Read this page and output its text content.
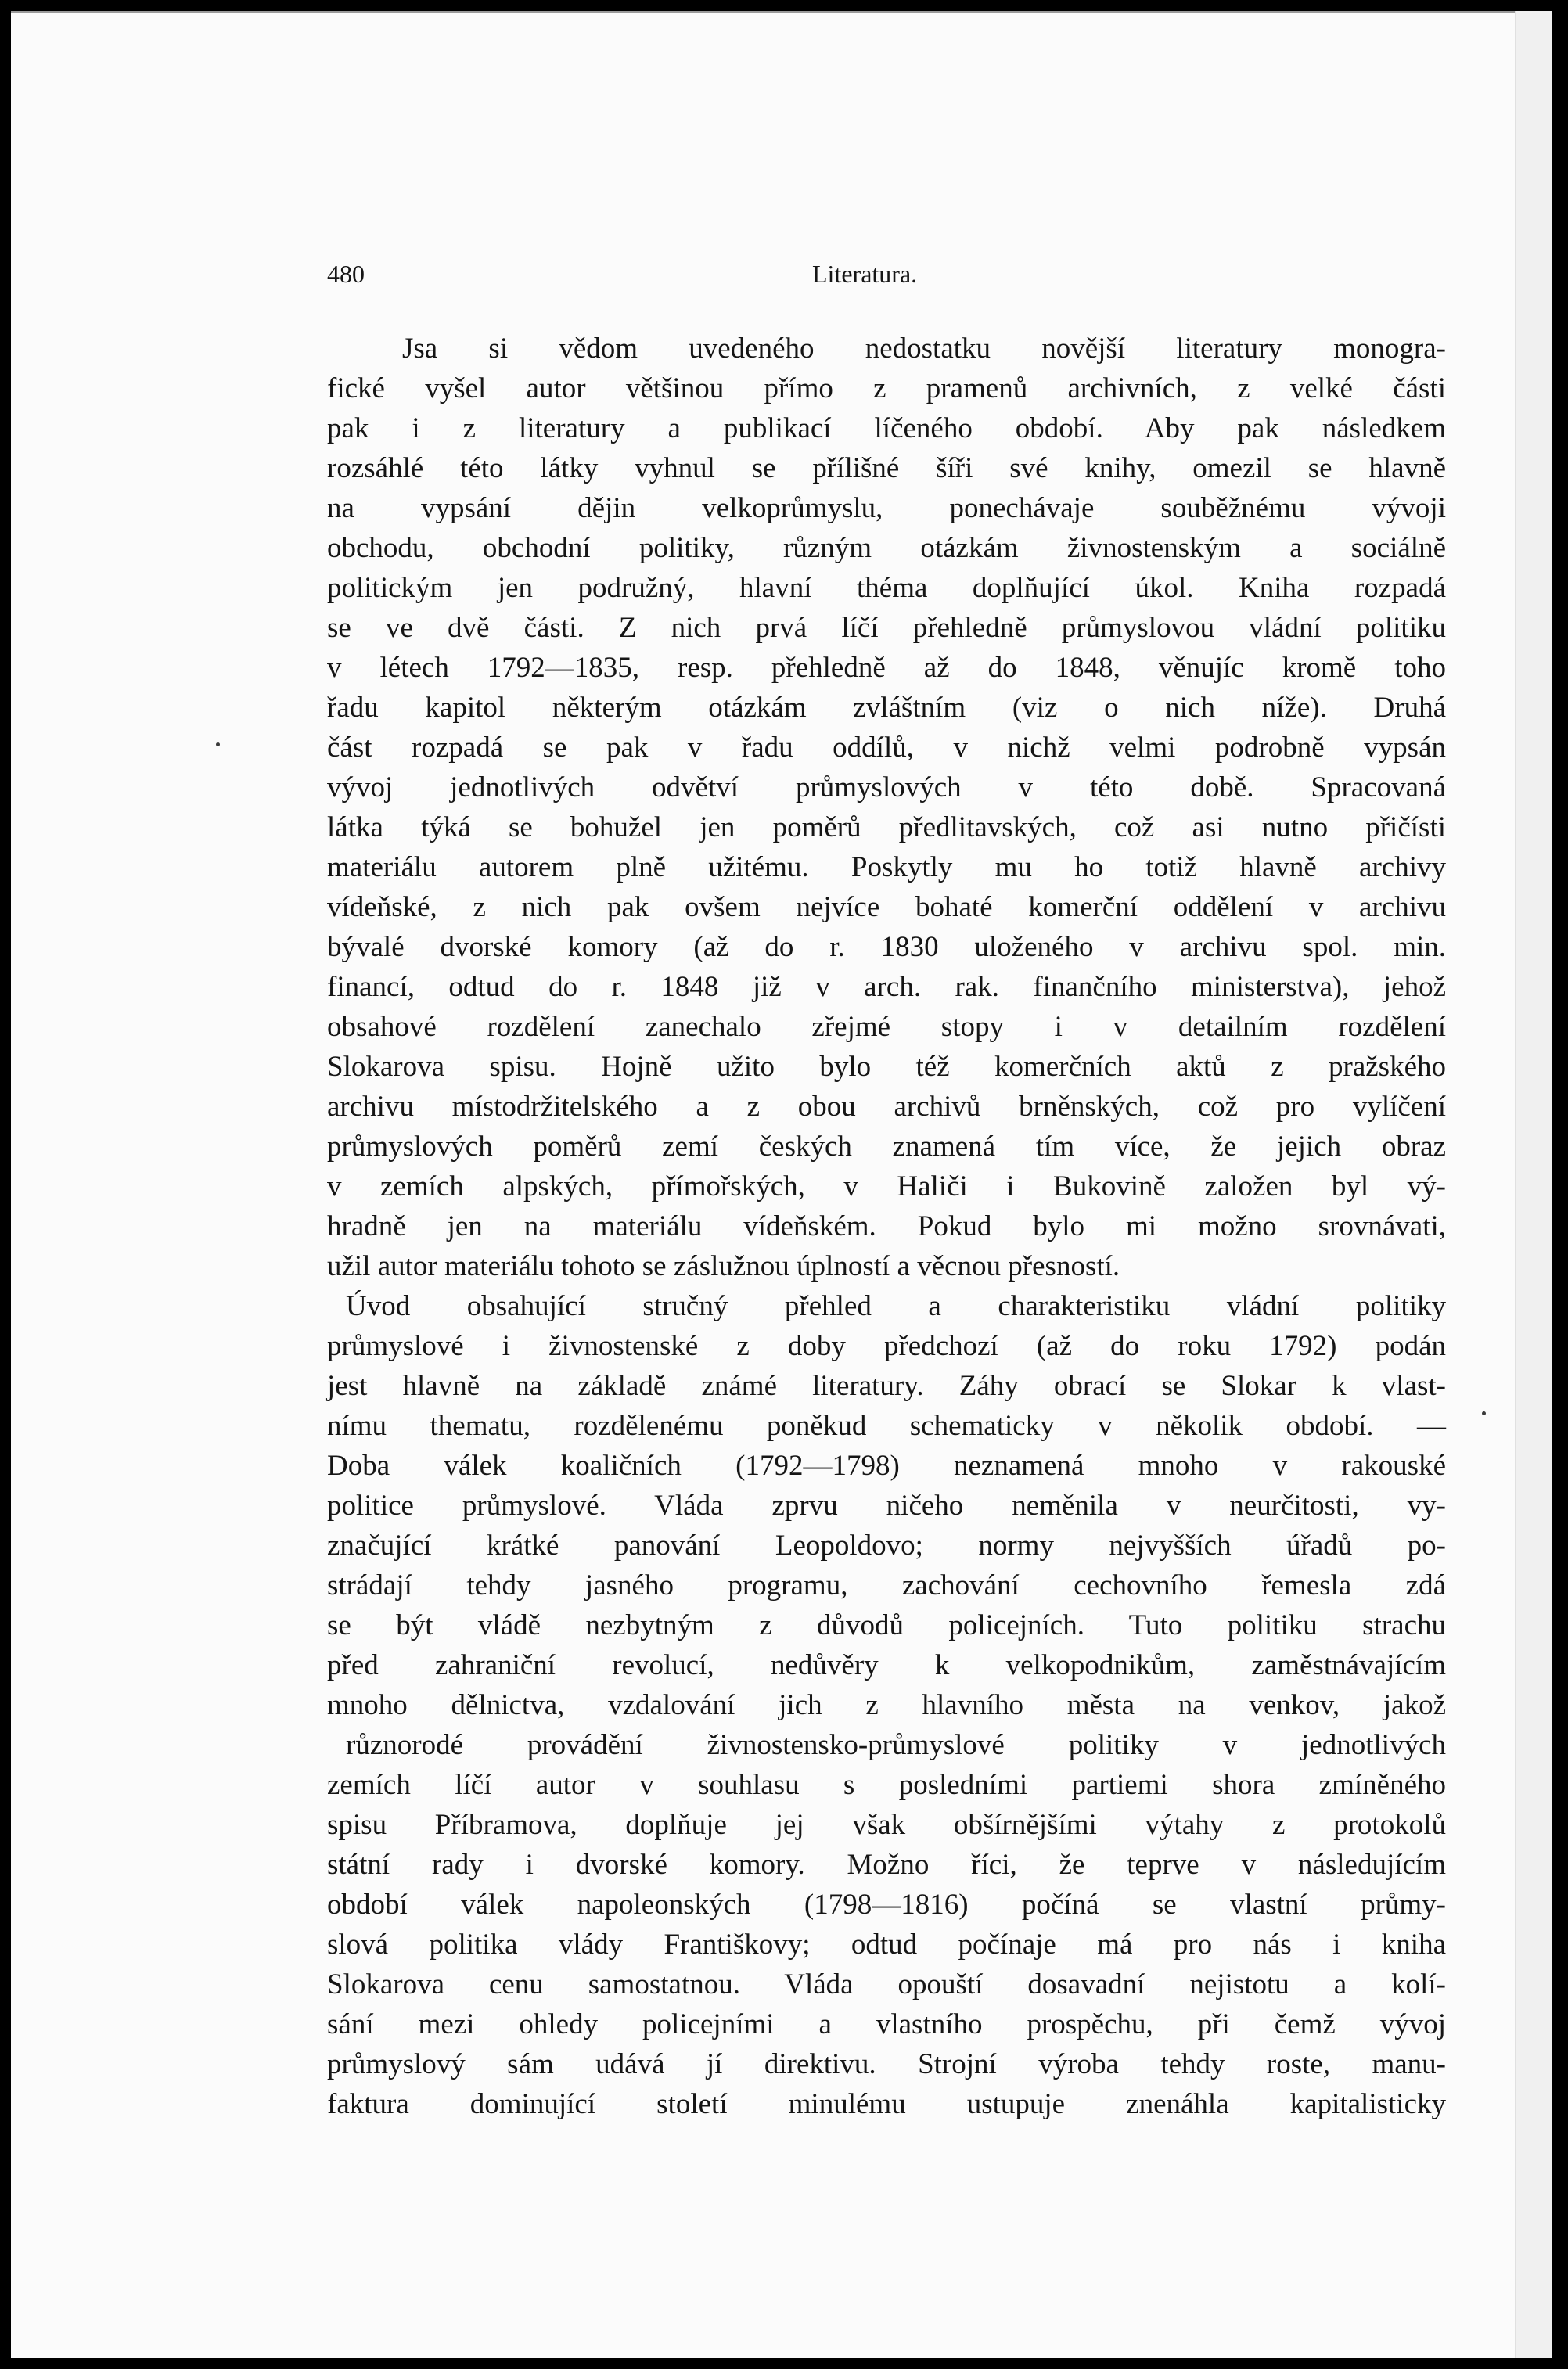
480	Literatura.
Jsa si vědom uvedeného nedostatku novější literatury monogra-
fické vyšel autor většinou přímo z pramenů archivních, z velké části
pak i z literatury a publikací líčeného období. Aby pak následkem
rozsáhlé této látky vyhnul se přílišné šíři své knihy, omezil se hlavně
na vypsání dějin velkoprůmyslu, ponechávaje souběžnému vývoji
obchodu, obchodní politiky, různým otázkám živnostenským a sociálně
politickým jen podružný, hlavní théma doplňující úkol. Kniha rozpadá
se ve dvě části. Z nich prvá líčí přehledně průmyslovou vládní politiku
v létech 1792—1835, resp. přehledně až do 1848, věnujíc kromě toho
řadu kapitol některým otázkám zvláštním (viz o nich níže). Druhá
část rozpadá se pak v řadu oddílů, v nichž velmi podrobně vypsán
vývoj jednotlivých odvětví průmyslových v této době. Spracovaná
látka týká se bohužel jen poměrů předlitavských, což asi nutno přičísti
materiálu autorem plně užitému. Poskytly mu ho totiž hlavně archivy
vídeňské, z nich pak ovšem nejvíce bohaté komerční oddělení v archivu
bývalé dvorské komory (až do r. 1830 uloženého v archivu spol. min.
financí, odtud do r. 1848 již v arch. rak. finančního ministerstva), jehož
obsahové rozdělení zanechalo zřejmé stopy i v detailním rozdělení
Slokarova spisu. Hojně užito bylo též komerčních aktů z pražského
archivu místodržitelského a z obou archivů brněnských, což pro vylíčení
průmyslových poměrů zemí českých znamená tím více, že jejich obraz
v zemích alpských, přímořských, v Haliči i Bukovině založen byl vý-
hradně jen na materiálu vídeňském. Pokud bylo mi možno srovnávati,
užil autor materiálu tohoto se záslužnou úplností a věcnou přesností.
Úvod obsahující stručný přehled a charakteristiku vládní politiky
průmyslové i živnostenské z doby předchozí (až do roku 1792) podán
jest hlavně na základě známé literatury. Záhy obrací se Slokar k vlast-
nímu thematu, rozdělenému poněkud schematicky v několik období. —
Doba válek koaličních (1792—1798) neznamená mnoho v rakouské
politice průmyslové. Vláda zprvu ničeho neměnila v neurčitosti, vy-
značující krátké panování Leopoldovo; normy nejvyšších úřadů po-
strádají tehdy jasného programu, zachování cechovního řemesla zdá
se být vládě nezbytným z důvodů policejních. Tuto politiku strachu
před zahraniční revolucí, nedůvěry k velkopodnikům, zaměstnávajícím
mnoho dělnictva, vzdalování jich z hlavního města na venkov, jakož
různorodé provádění živnostensko-průmyslové politiky v jednotlivých
zemích líčí autor v souhlasu s posledními partiemi shora zmíněného
spisu Příbramova, doplňuje jej však obšírnějšími výtahy z protokolů
státní rady i dvorské komory. Možno říci, že teprve v následujícím
období válek napoleonských (1798—1816) počíná se vlastní průmy-
slová politika vlády Františkovy; odtud počínaje má pro nás i kniha
Slokarova cenu samostatnou. Vláda opouští dosavadní nejistotu a kolí-
sání mezi ohledy policejními a vlastního prospěchu, při čemž vývoj
průmyslový sám udává jí direktivu. Strojní výroba tehdy roste, manu-
faktura dominující století minulému ustupuje znenáhla kapitalisticky
